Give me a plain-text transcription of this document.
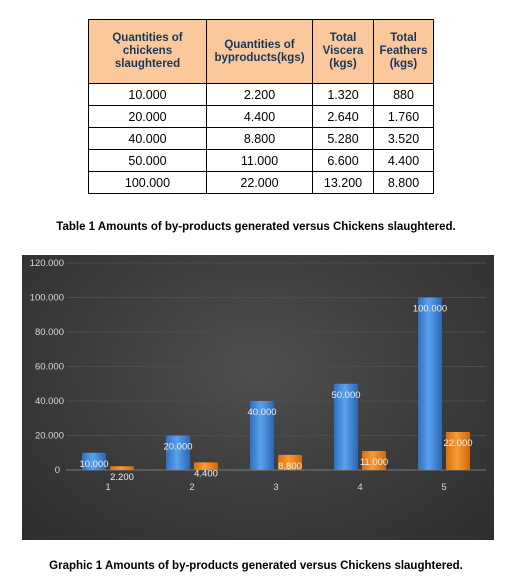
Quantities of chickens slaughtered	Quantities of byproducts(kgs)	Total Viscera (kgs)	Total Feathers (kgs)
10.000	2.200	1.320	880
20.000	4.400	2.640	1.760
40.000	8.800	5.280	3.520
50.000	11.000	6.600	4.400
100.000	22.000	13.200	8.800
Table 1 Amounts of by-products generated versus Chickens slaughtered.
0
20.000
40.000
60.000
80.000
100.000
120.000
10.000
2.200
20.000
4.400
40.000
8.800
50.000
11.000
100.000
22.000
1	2	3	4	5
Graphic 1 Amounts of by-products generated versus Chickens slaughtered.
